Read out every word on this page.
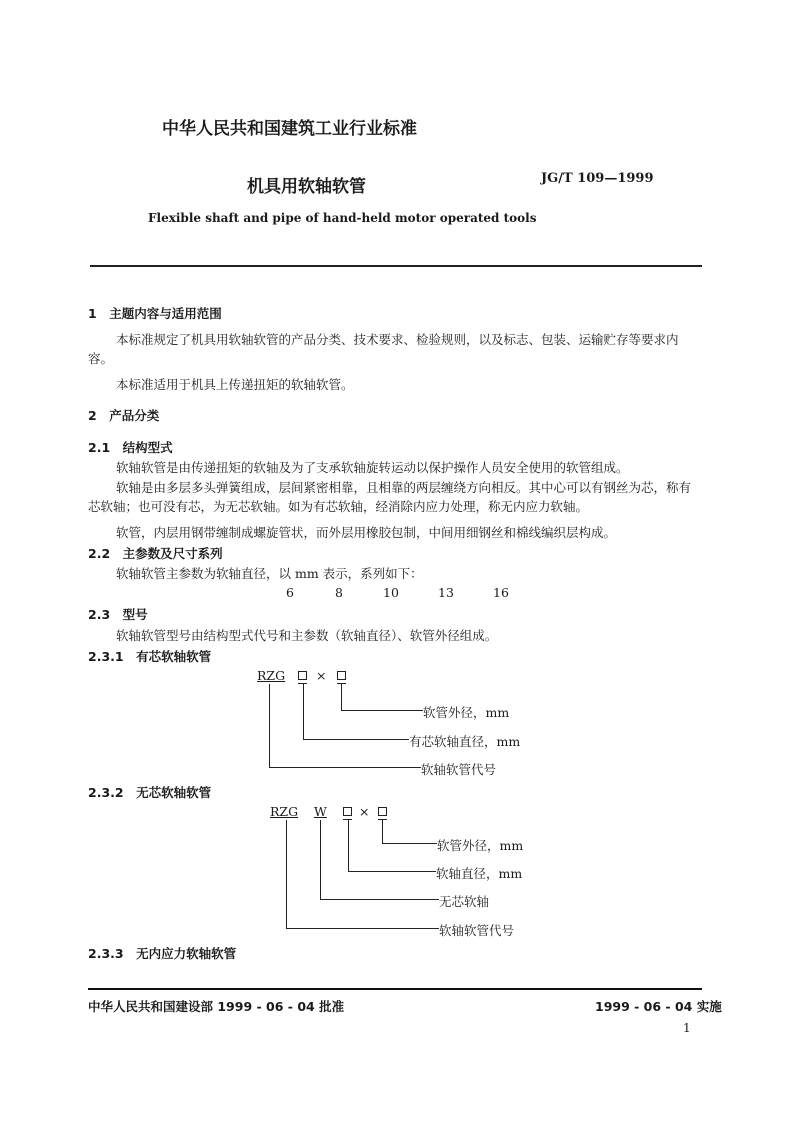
中华人民共和国建筑工业行业标准
机具用软轴软管	JG/T 109—1999
Flexible shaft and pipe of hand-held motor operated tools
1　主题内容与适用范围
本标准规定了机具用软轴软管的产品分类、技术要求、检验规则，以及标志、包装、运输贮存等要求内容。
本标准适用于机具上传递扭矩的软轴软管。
2　产品分类
2.1　结构型式
软轴软管是由传递扭矩的软轴及为了支承软轴旋转运动以保护操作人员安全使用的软管组成。
软轴是由多层多头弹簧组成，层间紧密相靠，且相靠的两层缠绕方向相反。其中心可以有钢丝为芯，称有芯软轴；也可没有芯，为无芯软轴。如为有芯软轴，经消除内应力处理，称无内应力软轴。
软管，内层用钢带缠制成螺旋管状，而外层用橡胶包制，中间用细钢丝和棉线编织层构成。
2.2　主参数及尺寸系列
软轴软管主参数为软轴直径，以 mm 表示，系列如下：
6	8	10	13	16
2.3　型号
软轴软管型号由结构型式代号和主参数（软轴直径）、软管外径组成。
2.3.1　有芯软轴软管
RZG ×
软管外径，mm
有芯软轴直径，mm
软轴软管代号
2.3.2　无芯软轴软管
RZG W	×
软管外径，mm
软轴直径，mm
无芯软轴
软轴软管代号
2.3.3　无内应力软轴软管
中华人民共和国建设部 1999 - 06 - 04 批准	1999 - 06 - 04 实施
1
